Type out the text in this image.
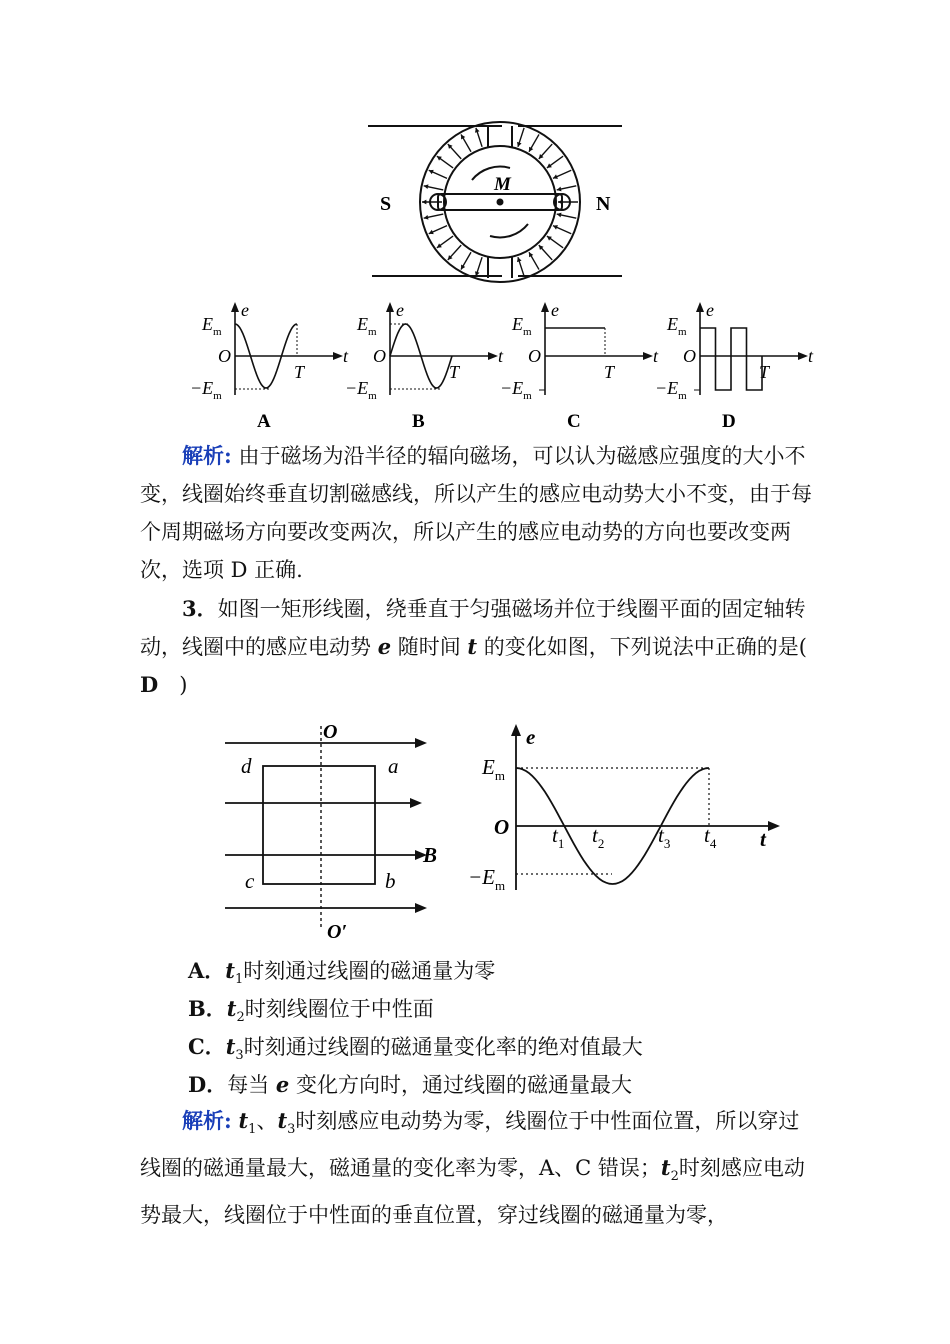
S	N
M
e
$E_m$
O
$-E_m$
t
T
A
e
$E_m$
O
$-E_m$
t
T
B
e
$E_m$
O
$-E_m$
t
T
C
e
$E_m$
O
$-E_m$
t
T
D
解析: 由于磁场为沿半径的辐向磁场，可以认为磁感应强度的大小不变，线圈始终垂直切割磁感线，所以产生的感应电动势大小不变，由于每个周期磁场方向要改变两次，所以产生的感应电动势的方向也要改变两次，选项 D 正确.
3．如图一矩形线圈，绕垂直于匀强磁场并位于线圈平面的固定轴转动，线圈中的感应电动势 e 随时间 t 的变化如图，下列说法中正确的是(　D　)
O
O′
d	a
c	b
B
e
$E_m$
O
$-E_m$
$t_1$ $t_2$	$t_3$ $t_4$ t
A．$t_1$时刻通过线圈的磁通量为零
B．$t_2$时刻线圈位于中性面
C．$t_3$时刻通过线圈的磁通量变化率的绝对值最大
D．每当 e 变化方向时，通过线圈的磁通量最大
解析: $t_1$、$t_3$时刻感应电动势为零，线圈位于中性面位置，所以穿过线圈的磁通量最大，磁通量的变化率为零，A、C 错误；$t_2$时刻感应电动势最大，线圈位于中性面的垂直位置，穿过线圈的磁通量为零，
